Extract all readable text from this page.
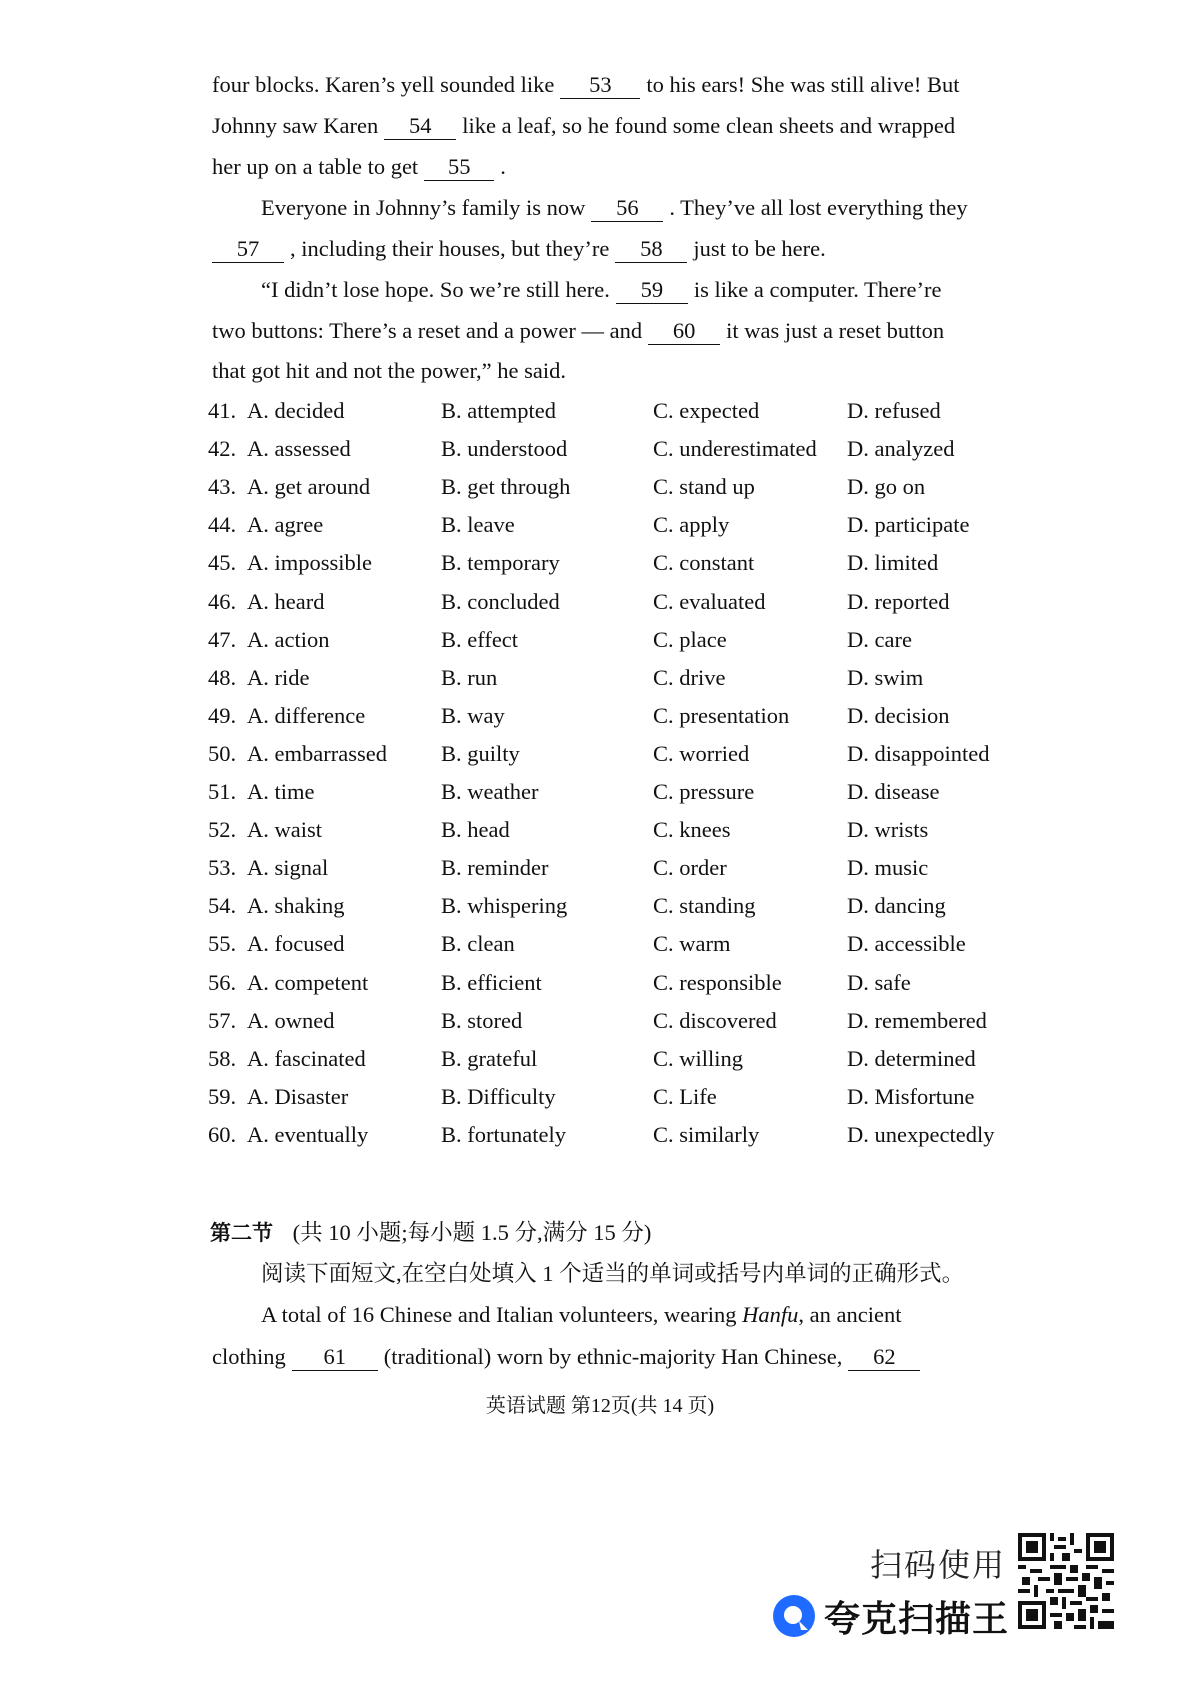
four blocks. Karen’s yell sounded like 53 to his ears! She was still alive! But
Johnny saw Karen 54 like a leaf, so he found some clean sheets and wrapped
her up on a table to get 55 .
Everyone in Johnny’s family is now 56 . They’ve all lost everything they
57 , including their houses, but they’re 58 just to be here.
“I didn’t lose hope. So we’re still here. 59 is like a computer. There’re
two buttons: There’s a reset and a power — and 60 it was just a reset button
that got hit and not the power,” he said.
41. A. decided	B. attempted	C. expected	D. refused
42. A. assessed	B. understood	C. underestimated D. analyzed
43. A. get around	B. get through	C. stand up	D. go on
44. A. agree	B. leave	C. apply	D. participate
45. A. impossible	B. temporary	C. constant	D. limited
46. A. heard	B. concluded	C. evaluated	D. reported
47. A. action	B. effect	C. place	D. care
48. A. ride	B. run	C. drive	D. swim
49. A. difference	B. way	C. presentation	D. decision
50. A. embarrassed B. guilty	C. worried	D. disappointed
51. A. time	B. weather	C. pressure	D. disease
52. A. waist	B. head	C. knees	D. wrists
53. A. signal	B. reminder	C. order	D. music
54. A. shaking	B. whispering	C. standing	D. dancing
55. A. focused	B. clean	C. warm	D. accessible
56. A. competent	B. efficient	C. responsible	D. safe
57. A. owned	B. stored	C. discovered	D. remembered
58. A. fascinated	B. grateful	C. willing	D. determined
59. A. Disaster	B. Difficulty	C. Life	D. Misfortune
60. A. eventually	B. fortunately	C. similarly	D. unexpectedly
第二节 (共 10 小题;每小题 1.5 分,满分 15 分)
阅读下面短文,在空白处填入 1 个适当的单词或括号内单词的正确形式。
A total of 16 Chinese and Italian volunteers, wearing Hanfu, an ancient
clothing 61 (traditional) worn by ethnic-majority Han Chinese, 62
英语试题 第12页(共 14 页)
扫码使用
夸克扫描王
